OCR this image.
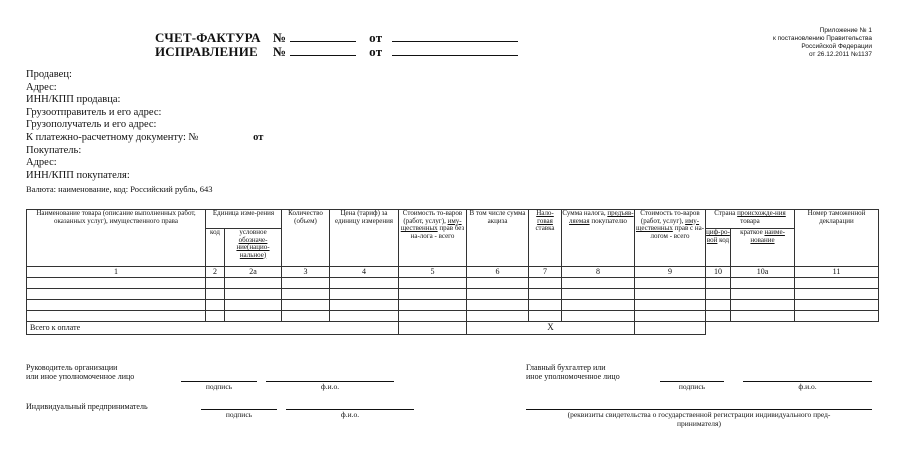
СЧЕТ-ФАКТУРА №	от
ИСПРАВЛЕНИЕ №	от
Приложение № 1
к постановлению Правительства
Российской Федерации
от 26.12.2011 №1137
Продавец:
Адрес:
ИНН/КПП продавца:
Грузоотправитель и его адрес:
Грузополучатель и его адрес:
К платежно-расчетному документу: №	от
Покупатель:
Адрес:
ИНН/КПП покупателя:
Валюта: наименование, код: Российский рубль, 643
Наименование товара (описание выполненных работ, оказанных услуг), имущественного права	Единица изме-рения		Количество (объем)	Цена (тариф) за единицу измерения	Стоимость то-варов (работ, услуг), иму-щественных прав без на-лога - всего	В том числе сумма акциза	Нало-говая ставка	Сумма налога, предъяв-ляемая покупателю	Стоимость то-варов (работ, услуг), иму-щественных прав с на-логом - всего	Страна происхожде-ния товара		Номер таможенной декларации
	код	условное обозначе-ние(нацио-нальное)								циф-ро-вой код	краткое наиме-нование	
1	2	2а	3	4	5	6	7	8	9	10	10а	11

Всего к оплате						X						
Руководитель организации
или иное уполномоченное лицо
подпись	ф.и.о.
Главный бухгалтер или
иное уполномоченное лицо
подпись	ф.и.о.
Индивидуальный предприниматель
подпись	ф.и.о.	(реквизиты свидетельства о государственной регистрации индивидуального пред-
принимателя)
